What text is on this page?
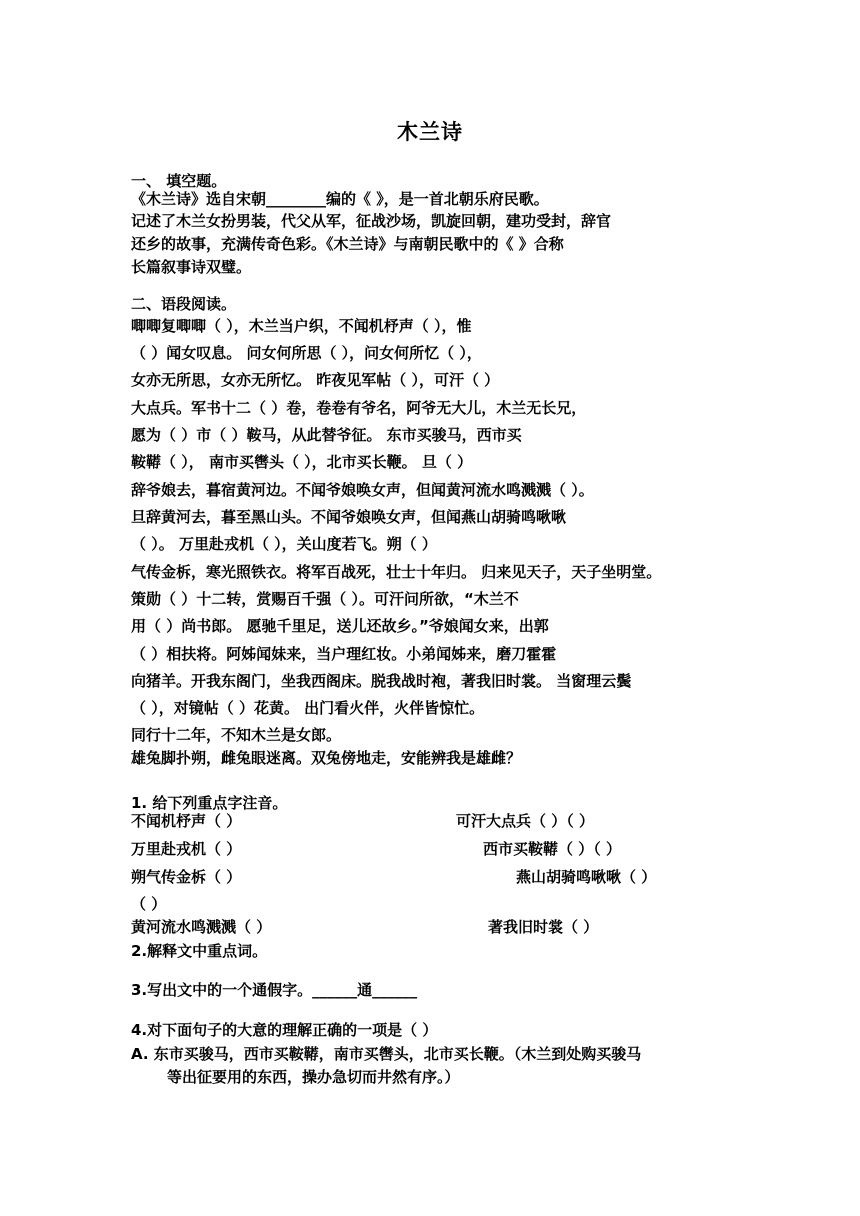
木兰诗
一、 填空题。
《木兰诗》选自宋朝________编的《 》，是一首北朝乐府民歌。
记述了木兰女扮男装，代父从军，征战沙场，凯旋回朝，建功受封，辞官
还乡的故事，充满传奇色彩。《木兰诗》与南朝民歌中的《 》合称
长篇叙事诗双璧。
二、语段阅读。
唧唧复唧唧（ ），木兰当户织，不闻机杼声（ ），惟
（ ）闻女叹息。 问女何所思（ ），问女何所忆（ ），
女亦无所思，女亦无所忆。 昨夜见军帖（ ），可汗（ ）
大点兵。军书十二（ ）卷，卷卷有爷名，阿爷无大儿，木兰无长兄，
愿为（ ）市（ ）鞍马，从此替爷征。 东市买骏马，西市买
鞍鞯（ ）， 南市买辔头（ ），北市买长鞭。 旦（ ）
辞爷娘去，暮宿黄河边。不闻爷娘唤女声，但闻黄河流水鸣溅溅（ ）。
旦辞黄河去，暮至黑山头。不闻爷娘唤女声，但闻燕山胡骑鸣啾啾
（ ）。 万里赴戎机（ ），关山度若飞。朔（ ）
气传金柝，寒光照铁衣。将军百战死，壮士十年归。 归来见天子，天子坐明堂。
策勋（ ）十二转，赏赐百千强（ ）。可汗问所欲，“木兰不
用（ ）尚书郎。 愿驰千里足，送儿还故乡。”爷娘闻女来，出郭
（ ）相扶将。阿姊闻妹来，当户理红妆。小弟闻姊来，磨刀霍霍
向猪羊。开我东阁门，坐我西阁床。脱我战时袍，著我旧时裳。 当窗理云鬓
（ ），对镜帖（ ）花黄。 出门看火伴，火伴皆惊忙。
同行十二年，不知木兰是女郎。
雄兔脚扑朔，雌兔眼迷离。双兔傍地走，安能辨我是雄雌？
1. 给下列重点字注音。
不闻机杼声（ ）	可汗大点兵（ ）（ ）
万里赴戎机（ ）	西市买鞍鞯（ ）（ ）
朔气传金柝（ ）	燕山胡骑鸣啾啾（ ）
（ ）
黄河流水鸣溅溅（ ）	著我旧时裳（ ）
2.解释文中重点词。
3.写出文中的一个通假字。______通______
4.对下面句子的大意的理解正确的一项是（ ）
A. 东市买骏马，西市买鞍鞯，南市买辔头，北市买长鞭。（木兰到处购买骏马
等出征要用的东西，操办急切而井然有序。）
